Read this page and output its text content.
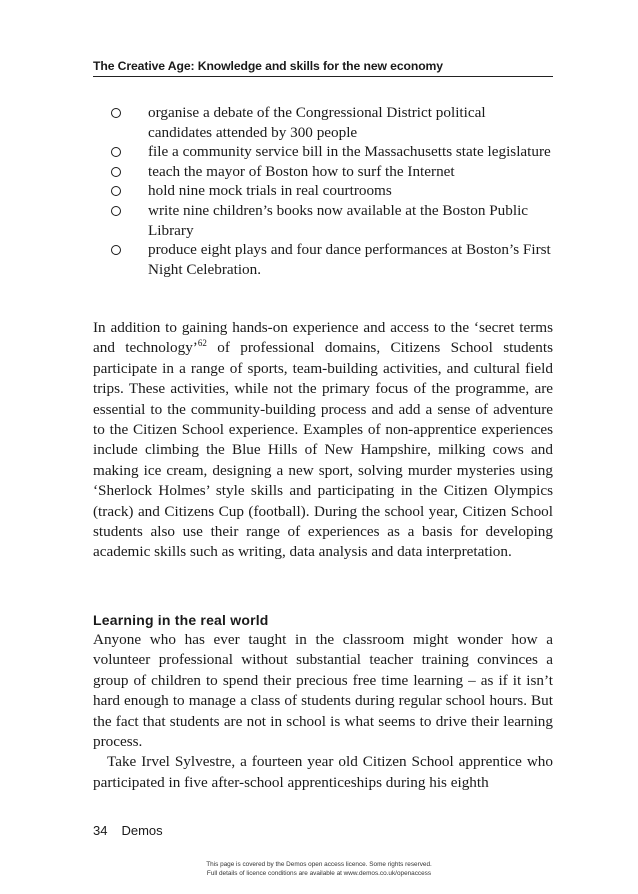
The Creative Age: Knowledge and skills for the new economy
organise a debate of the Congressional District political candidates attended by 300 people
file a community service bill in the Massachusetts state legislature
teach the mayor of Boston how to surf the Internet
hold nine mock trials in real courtrooms
write nine children’s books now available at the Boston Public Library
produce eight plays and four dance performances at Boston’s First Night Celebration.

In addition to gaining hands-on experience and access to the ‘secret terms and technology’$^{62}$ of professional domains, Citizens School students participate in a range of sports, team-building activities, and cultural field trips. These activities, while not the primary focus of the programme, are essential to the community-building process and add a sense of adventure to the Citizen School experience. Examples of non-apprentice experiences include climbing the Blue Hills of New Hampshire, milking cows and making ice cream, designing a new sport, solving murder mysteries using ‘Sherlock Holmes’ style skills and participating in the Citizen Olympics (track) and Citizens Cup (football). During the school year, Citizen School students also use their range of experiences as a basis for developing academic skills such as writing, data analysis and data interpretation.

Learning in the real world

Anyone who has ever taught in the classroom might wonder how a volunteer professional without substantial teacher training convinces a group of children to spend their precious free time learning – as if it isn’t hard enough to manage a class of students during regular school hours. But the fact that students are not in school is what seems to drive their learning process.

Take Irvel Sylvestre, a fourteen year old Citizen School apprentice who participated in five after-school apprenticeships during his eighth

34 Demos
This page is covered by the Demos open access licence. Some rights reserved.
Full details of licence conditions are available at www.demos.co.uk/openaccess
